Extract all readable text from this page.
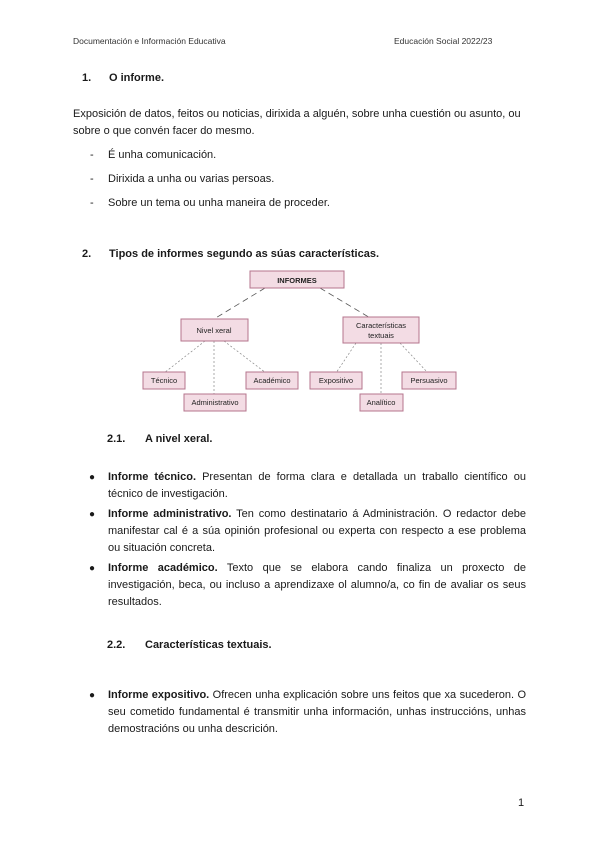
Documentación e Información Educativa	Educación Social 2022/23
1. O informe.
Exposición de datos, feitos ou noticias, dirixida a alguén, sobre unha cuestión ou asunto, ou sobre o que convén facer do mesmo.
- É unha comunicación.
- Dirixida a unha ou varias persoas.
- Sobre un tema ou unha maneira de proceder.
2. Tipos de informes segundo as súas características.
INFORMES
Nivel xeral
Características
textuais
Técnico
Administrativo
Académico	Expositivo
Analítico
Persuasivo
2.1. A nivel xeral.
● Informe técnico. Presentan de forma clara e detallada un traballo científico ou técnico de investigación.
● Informe administrativo. Ten como destinatario á Administración. O redactor debe manifestar cal é a súa opinión profesional ou experta con respecto a ese problema ou situación concreta.
● Informe académico. Texto que se elabora cando finaliza un proxecto de investigación, beca, ou incluso a aprendizaxe ol alumno/a, co fin de avaliar os seus resultados.
2.2. Características textuais.
● Informe expositivo. Ofrecen unha explicación sobre uns feitos que xa sucederon. O seu cometido fundamental é transmitir unha información, unhas instruccións, unhas demostracións ou unha descrición.
1
